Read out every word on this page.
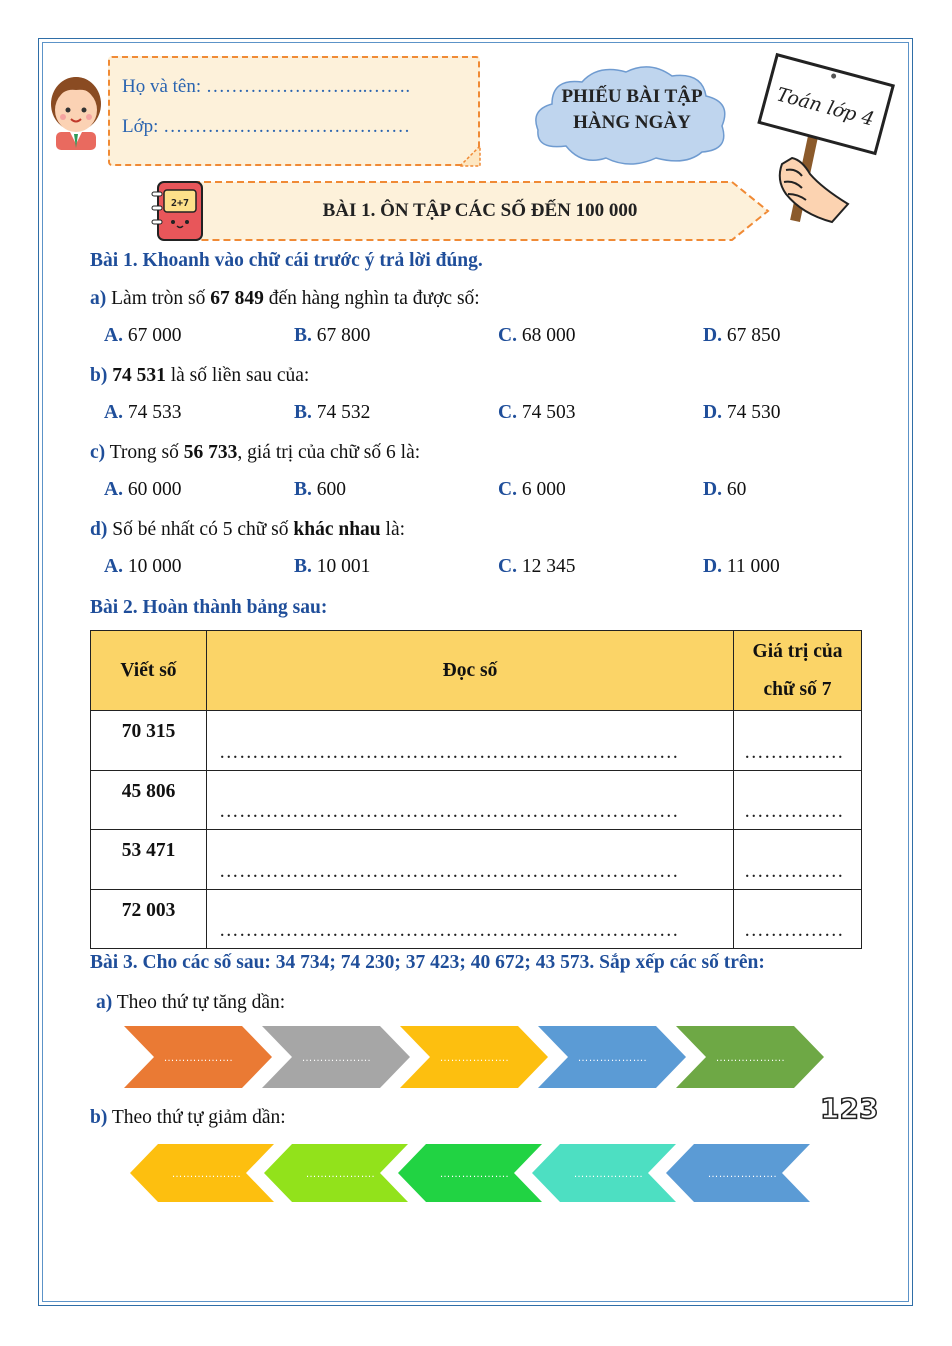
Họ và tên: ……………………..…….
Lớp: …………………………………
PHIẾU BÀI TẬP
HÀNG NGÀY	Toán lớp 4
2+7	BÀI 1. ÔN TẬP CÁC SỐ ĐẾN 100 000
Bài 1. Khoanh vào chữ cái trước ý trả lời đúng.
a) Làm tròn số 67 849 đến hàng nghìn ta được số:
A. 67 000	B. 67 800	C. 68 000	D. 67 850
b) 74 531 là số liền sau của:
A. 74 533	B. 74 532	C. 74 503	D. 74 530
c) Trong số 56 733, giá trị của chữ số 6 là:
A. 60 000	B. 600	C. 6 000	D. 60
d) Số bé nhất có 5 chữ số khác nhau là:
A. 10 000	B. 10 001	C. 12 345	D. 11 000
Bài 2. Hoàn thành bảng sau:
Viết số	Đọc số	Giá trị của
chữ số 7

70 315	……………………………………………………………	……………
45 806	……………………………………………………………	……………
53 471	……………………………………………………………	……………
72 003	……………………………………………………………	……………
Bài 3. Cho các số sau: 34 734; 74 230; 37 423; 40 672; 43 573. Sắp xếp các số trên:
a) Theo thứ tự tăng dần:
……………….	……………….	……………….	……………….	……………….
123
b) Theo thứ tự giảm dần:
……………….	……………….	……………….	……………….	……………….
